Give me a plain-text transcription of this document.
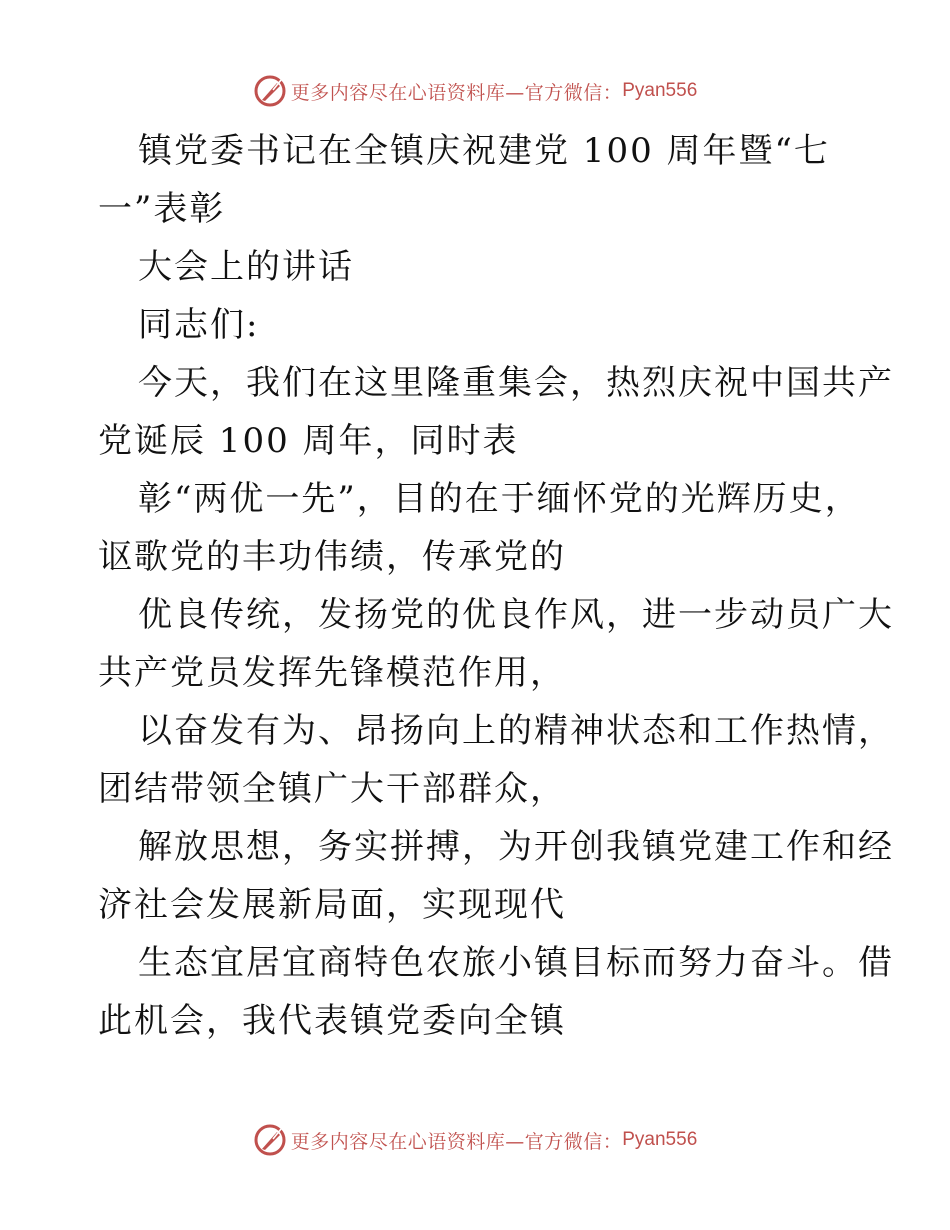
更多内容尽在心语资料库—官方微信： Pyan556
镇党委书记在全镇庆祝建党 100 周年暨“七
一”表彰
大会上的讲话
同志们:
今天，我们在这里隆重集会，热烈庆祝中国共产
党诞辰 100 周年，同时表
彰“两优一先”，目的在于缅怀党的光辉历史，
讴歌党的丰功伟绩，传承党的
优良传统，发扬党的优良作风，进一步动员广大
共产党员发挥先锋模范作用，
以奋发有为、昂扬向上的精神状态和工作热情，
团结带领全镇广大干部群众，
解放思想，务实拼搏，为开创我镇党建工作和经
济社会发展新局面，实现现代
生态宜居宜商特色农旅小镇目标而努力奋斗。借
此机会，我代表镇党委向全镇
更多内容尽在心语资料库—官方微信： Pyan556
